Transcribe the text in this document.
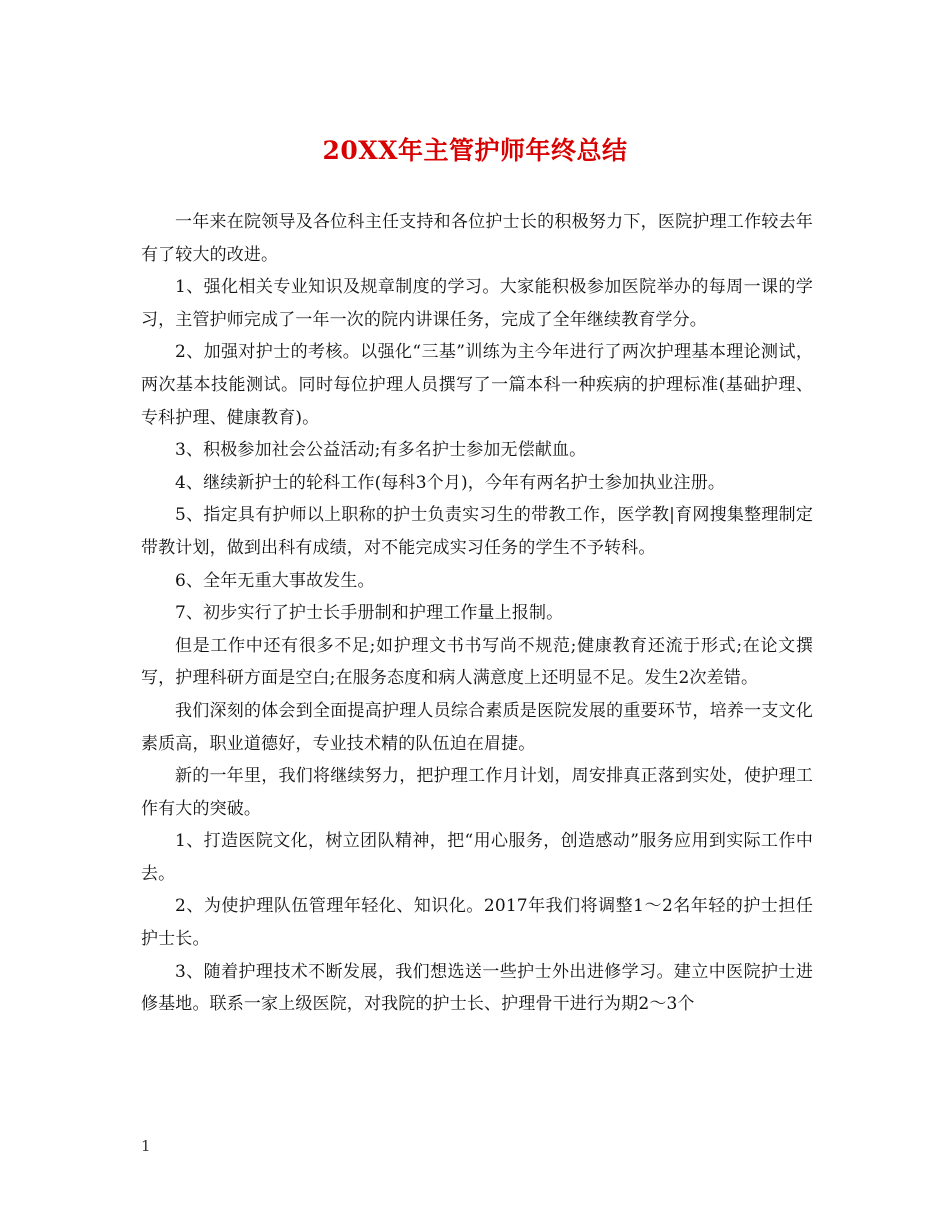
20XX年主管护师年终总结

一年来在院领导及各位科主任支持和各位护士长的积极努力下，医院护理工作较去年有了较大的改进。

1、强化相关专业知识及规章制度的学习。大家能积极参加医院举办的每周一课的学习，主管护师完成了一年一次的院内讲课任务，完成了全年继续教育学分。

2、加强对护士的考核。以强化“三基”训练为主今年进行了两次护理基本理论测试，两次基本技能测试。同时每位护理人员撰写了一篇本科一种疾病的护理标准(基础护理、专科护理、健康教育)。

3、积极参加社会公益活动;有多名护士参加无偿献血。

4、继续新护士的轮科工作(每科3个月)，今年有两名护士参加执业注册。

5、指定具有护师以上职称的护士负责实习生的带教工作，医学教|育网搜集整理制定带教计划，做到出科有成绩，对不能完成实习任务的学生不予转科。

6、全年无重大事故发生。

7、初步实行了护士长手册制和护理工作量上报制。

但是工作中还有很多不足;如护理文书书写尚不规范;健康教育还流于形式;在论文撰写，护理科研方面是空白;在服务态度和病人满意度上还明显不足。发生2次差错。

我们深刻的体会到全面提高护理人员综合素质是医院发展的重要环节，培养一支文化素质高，职业道德好，专业技术精的队伍迫在眉捷。

新的一年里，我们将继续努力，把护理工作月计划，周安排真正落到实处，使护理工作有大的突破。

1、打造医院文化，树立团队精神，把“用心服务，创造感动”服务应用到实际工作中去。

2、为使护理队伍管理年轻化、知识化。2017年我们将调整1～2名年轻的护士担任护士长。

3、随着护理技术不断发展，我们想选送一些护士外出进修学习。建立中医院护士进修基地。联系一家上级医院，对我院的护士长、护理骨干进行为期2～3个

1
